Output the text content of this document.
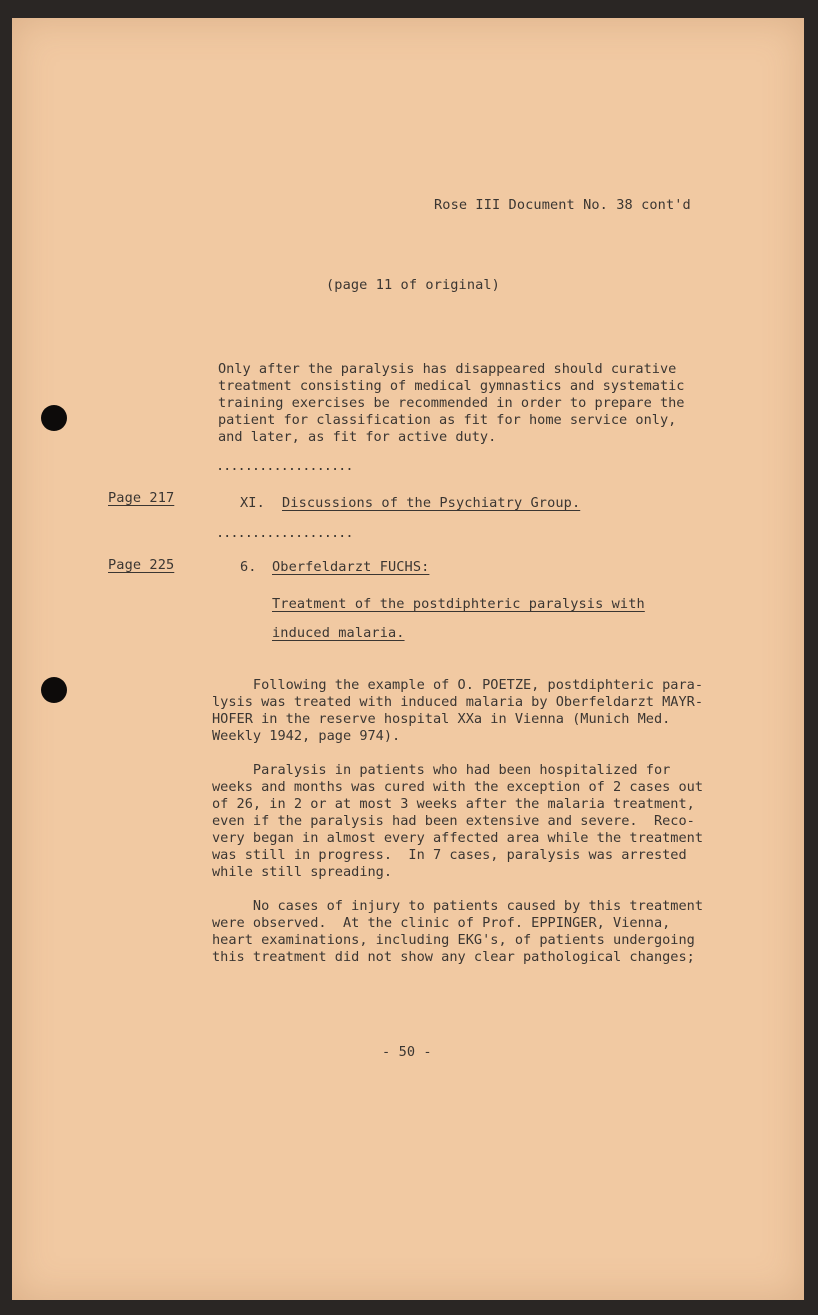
Rose III Document No. 38 cont'd
(page 11 of original)
Only after the paralysis has disappeared should curative
treatment consisting of medical gymnastics and systematic
training exercises be recommended in order to prepare the
patient for classification as fit for home service only,
and later, as fit for active duty.
...................
Page 217	XI. Discussions of the Psychiatry Group.
...................
Page 225	6. Oberfeldarzt FUCHS:
Treatment of the postdiphteric paralysis with
induced malaria.
Following the example of O. POETZE, postdiphteric para-
lysis was treated with induced malaria by Oberfeldarzt MAYR-
HOFER in the reserve hospital XXa in Vienna (Munich Med.
Weekly 1942, page 974).
Paralysis in patients who had been hospitalized for
weeks and months was cured with the exception of 2 cases out
of 26, in 2 or at most 3 weeks after the malaria treatment,
even if the paralysis had been extensive and severe.  Reco-
very began in almost every affected area while the treatment
was still in progress.  In 7 cases, paralysis was arrested
while still spreading.
No cases of injury to patients caused by this treatment
were observed.  At the clinic of Prof. EPPINGER, Vienna,
heart examinations, including EKG's, of patients undergoing
this treatment did not show any clear pathological changes;
- 50 -
